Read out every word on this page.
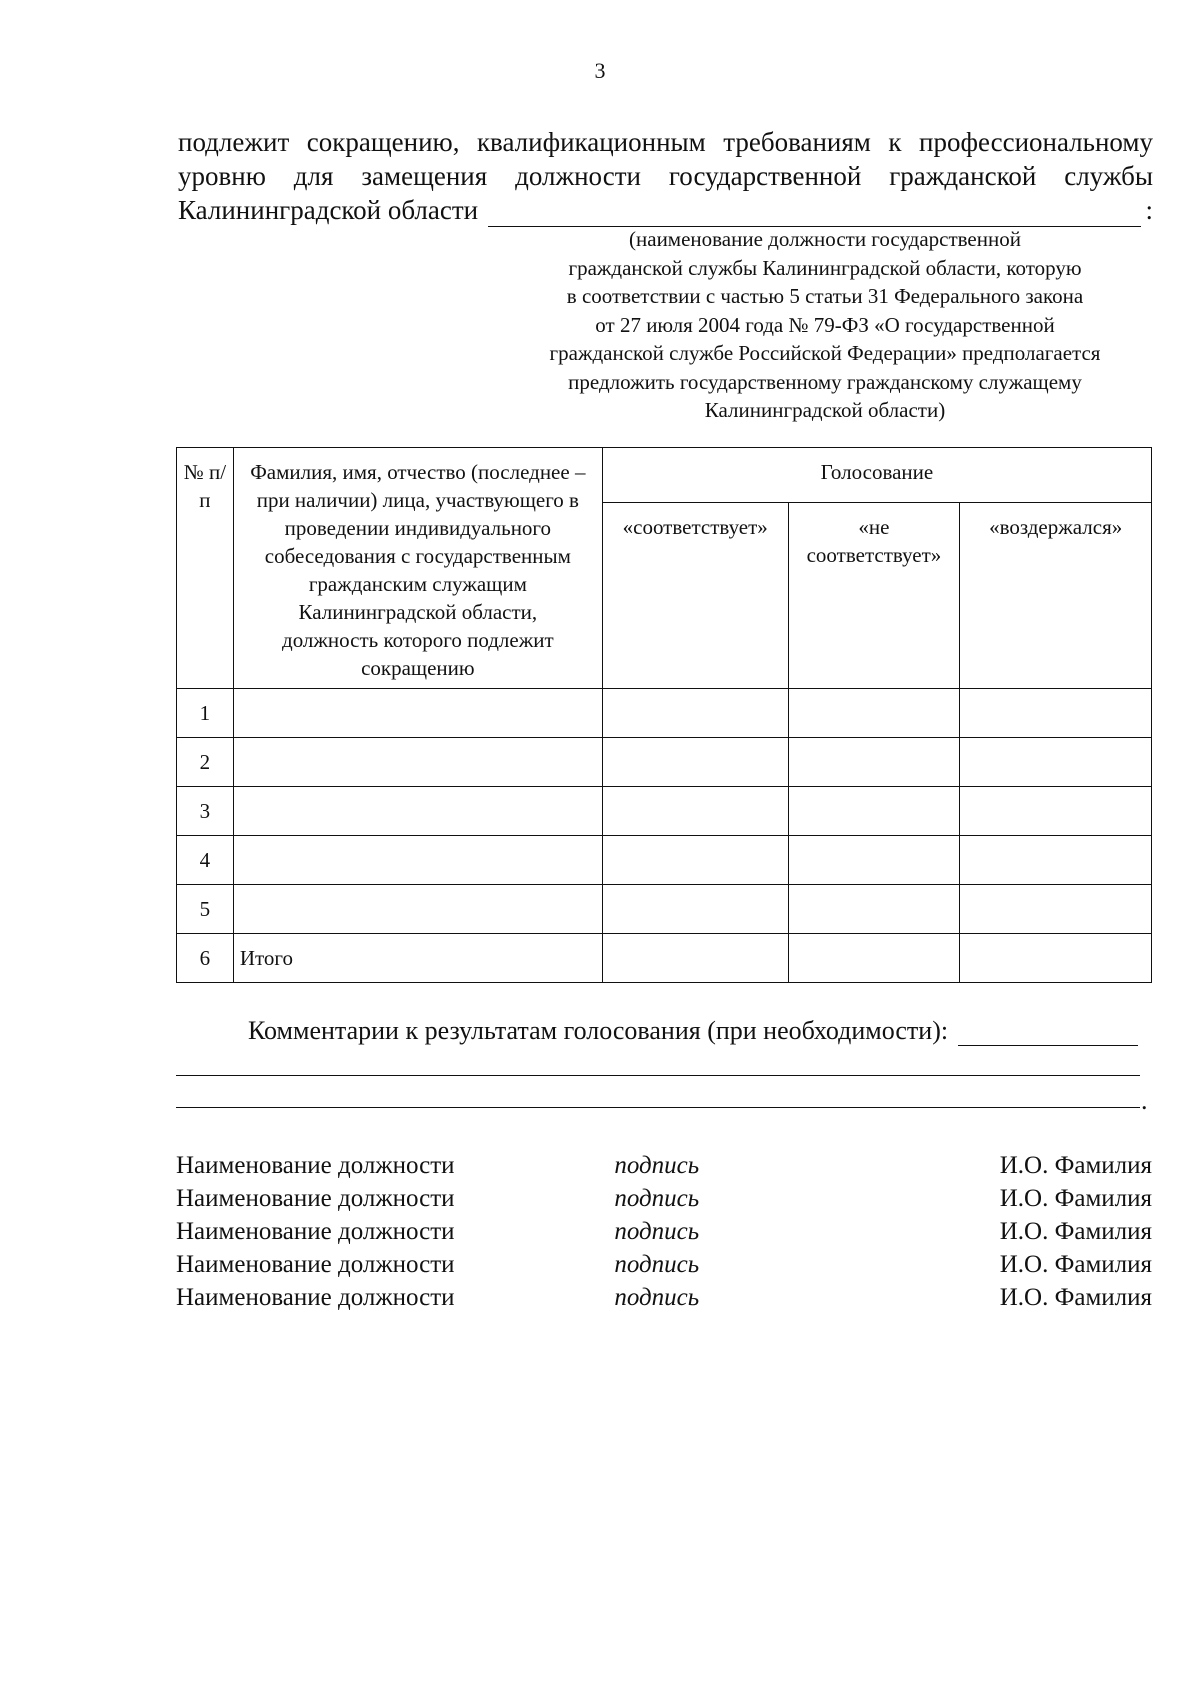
3
подлежит сокращению, квалификационным требованиям к профессиональному
уровню для замещения должности государственной гражданской службы
Калининградской области	:
(наименование должности государственной
гражданской службы Калининградской области, которую
в соответствии с частью 5 статьи 31 Федерального закона
от 27 июля 2004 года № 79-ФЗ «О государственной
гражданской службе Российской Федерации» предполагается
предложить государственному гражданскому служащему
Калининградской области)
№ п/п	Фамилия, имя, отчество (последнее – при наличии) лица, участвующего в проведении индивидуального собеседования с государственным гражданским служащим Калининградской области, должность которого подлежит сокращению	Голосование		
		«соответствует»	«не соответствует»	«воздержался»
1				
2				
3				
4				
5				
6	Итого			
Комментарии к результатам голосования (при необходимости):
.
Наименование должности	подпись	И.О. Фамилия
Наименование должности	подпись	И.О. Фамилия
Наименование должности	подпись	И.О. Фамилия
Наименование должности	подпись	И.О. Фамилия
Наименование должности	подпись	И.О. Фамилия
